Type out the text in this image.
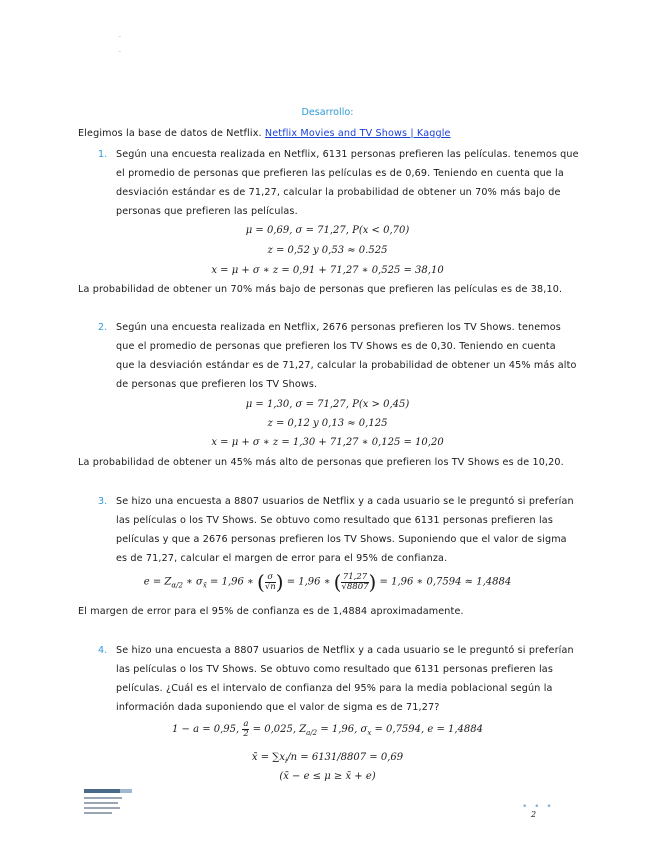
.
.
Desarrollo:
Elegimos la base de datos de Netflix. Netflix Movies and TV Shows | Kaggle
1. Según una encuesta realizada en Netflix, 6131 personas prefieren las películas. tenemos que
el promedio de personas que prefieren las películas es de 0,69. Teniendo en cuenta que la
desviación estándar es de 71,27, calcular la probabilidad de obtener un 70% más bajo de
personas que prefieren las películas.
μ = 0,69, σ = 71,27, P(x < 0,70)
z = 0,52 y 0,53 ≈ 0.525
x = μ + σ ∗ z = 0,91 + 71,27 ∗ 0,525 = 38,10
La probabilidad de obtener un 70% más bajo de personas que prefieren las películas es de 38,10.
2. Según una encuesta realizada en Netflix, 2676 personas prefieren los TV Shows. tenemos
que el promedio de personas que prefieren los TV Shows es de 0,30. Teniendo en cuenta
que la desviación estándar es de 71,27, calcular la probabilidad de obtener un 45% más alto
de personas que prefieren los TV Shows.
μ = 1,30, σ = 71,27, P(x > 0,45)
z = 0,12 y 0,13 ≈ 0,125
x = μ + σ ∗ z = 1,30 + 71,27 ∗ 0,125 = 10,20
La probabilidad de obtener un 45% más alto de personas que prefieren los TV Shows es de 10,20.
3. Se hizo una encuesta a 8807 usuarios de Netflix y a cada usuario se le preguntó si preferían
las películas o los TV Shows. Se obtuvo como resultado que 6131 personas prefieren las
películas y que a 2676 personas prefieren los TV Shows. Suponiendo que el valor de sigma
es de 71,27, calcular el margen de error para el 95% de confianza.
$e = Z_{\alpha/2}$ ∗ $\sigma_{x̄} = 1,96$ ∗ ( $\frac{\sigma}{√n}$ ) = 1,96 ∗ ( $\frac{71,27}{√8807}$ ) = 1,96 ∗ 0,7594 ≈ 1,4884
El margen de error para el 95% de confianza es de 1,4884 aproximadamente.
4. Se hizo una encuesta a 8807 usuarios de Netflix y a cada usuario se le preguntó si preferían
las películas o los TV Shows. Se obtuvo como resultado que 6131 personas prefieren las
películas. ¿Cuál es el intervalo de confianza del 95% para la media poblacional según la
información dada suponiendo que el valor de sigma es de 71,27?
1 − a = 0,95, $\frac{a}{2} = 0,025$, $Z_{a/2} = 1,96$, $\sigma_x = 0,7594$, e = 1,4884
x̄ = $\sum x_i/n = 6131/8807 = 0,69$
(x̄ − e ≤ μ ≥ x̄ + e)
• • •
2
